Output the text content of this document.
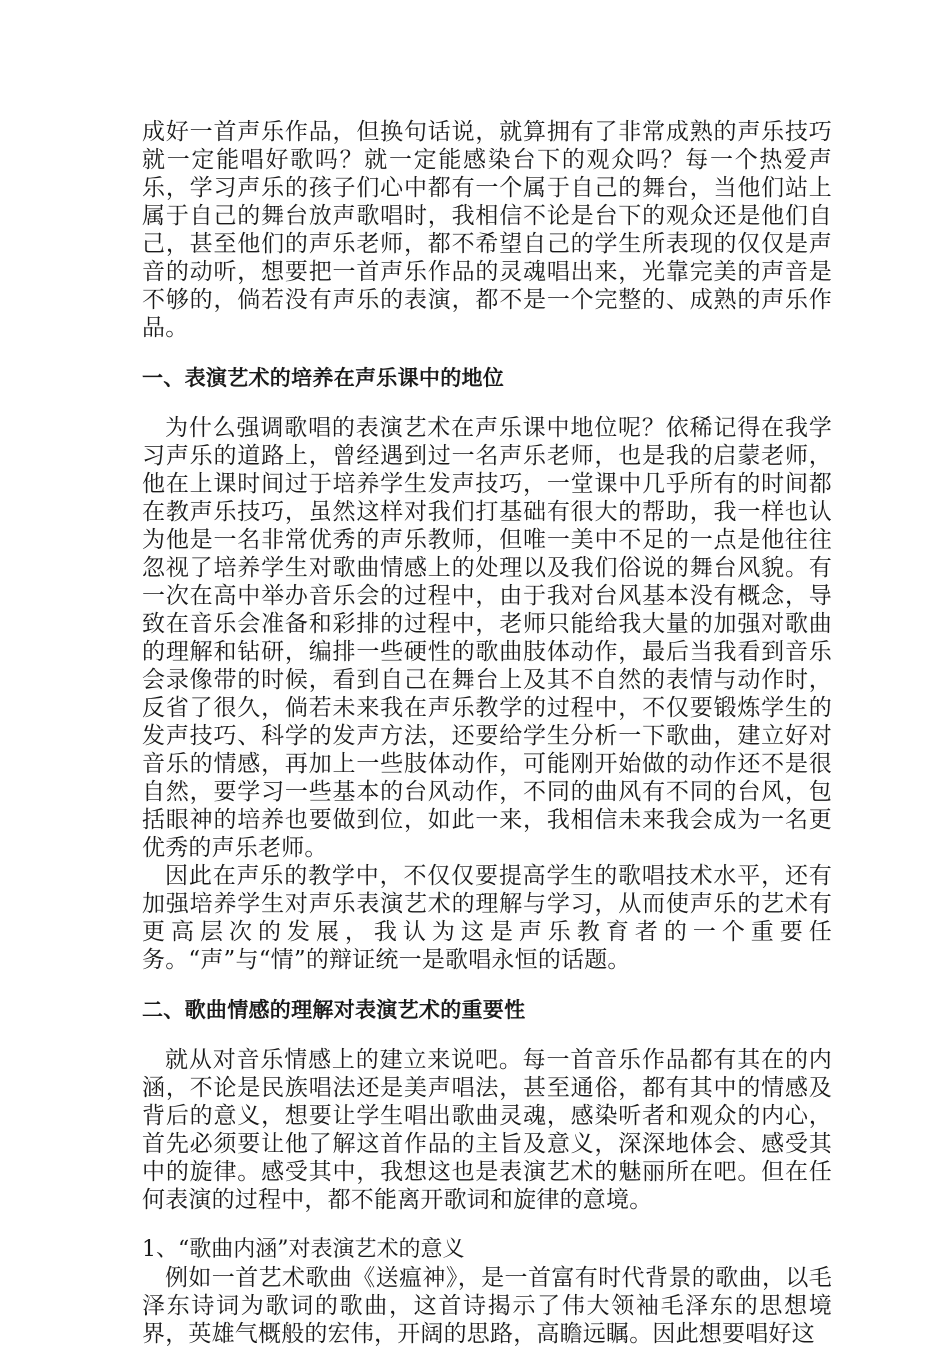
成好一首声乐作品，但换句话说，就算拥有了非常成熟的声乐技巧就一定能唱好歌吗？就一定能感染台下的观众吗？每一个热爱声乐，学习声乐的孩子们心中都有一个属于自己的舞台，当他们站上属于自己的舞台放声歌唱时，我相信不论是台下的观众还是他们自己，甚至他们的声乐老师，都不希望自己的学生所表现的仅仅是声音的动听，想要把一首声乐作品的灵魂唱出来，光靠完美的声音是不够的，倘若没有声乐的表演，都不是一个完整的、成熟的声乐作品。

一、表演艺术的培养在声乐课中的地位

为什么强调歌唱的表演艺术在声乐课中地位呢？依稀记得在我学习声乐的道路上，曾经遇到过一名声乐老师，也是我的启蒙老师，他在上课时间过于培养学生发声技巧，一堂课中几乎所有的时间都在教声乐技巧，虽然这样对我们打基础有很大的帮助，我一样也认为他是一名非常优秀的声乐教师，但唯一美中不足的一点是他往往忽视了培养学生对歌曲情感上的处理以及我们俗说的舞台风貌。有一次在高中举办音乐会的过程中，由于我对台风基本没有概念，导致在音乐会准备和彩排的过程中，老师只能给我大量的加强对歌曲的理解和钻研，编排一些硬性的歌曲肢体动作，最后当我看到音乐会录像带的时候，看到自己在舞台上及其不自然的表情与动作时，反省了很久，倘若未来我在声乐教学的过程中，不仅要锻炼学生的发声技巧、科学的发声方法，还要给学生分析一下歌曲，建立好对音乐的情感，再加上一些肢体动作，可能刚开始做的动作还不是很自然，要学习一些基本的台风动作，不同的曲风有不同的台风，包括眼神的培养也要做到位，如此一来，我相信未来我会成为一名更优秀的声乐老师。

因此在声乐的教学中，不仅仅要提高学生的歌唱技术水平，还有加强培养学生对声乐表演艺术的理解与学习，从而使声乐的艺术有更高层次的发展，我认为这是声乐教育者的一个重要任务。“声”与“情”的辩证统一是歌唱永恒的话题。

二、歌曲情感的理解对表演艺术的重要性

就从对音乐情感上的建立来说吧。每一首音乐作品都有其在的内涵，不论是民族唱法还是美声唱法，甚至通俗，都有其中的情感及背后的意义，想要让学生唱出歌曲灵魂，感染听者和观众的内心，首先必须要让他了解这首作品的主旨及意义，深深地体会、感受其中的旋律。感受其中，我想这也是表演艺术的魅丽所在吧。但在任何表演的过程中，都不能离开歌词和旋律的意境。

1、“歌曲内涵”对表演艺术的意义

例如一首艺术歌曲《送瘟神》，是一首富有时代背景的歌曲，以毛泽东诗词为歌词的歌曲，这首诗揭示了伟大领袖毛泽东的思想境界，英雄气概般的宏伟，开阔的思路，高瞻远瞩。因此想要唱好这
